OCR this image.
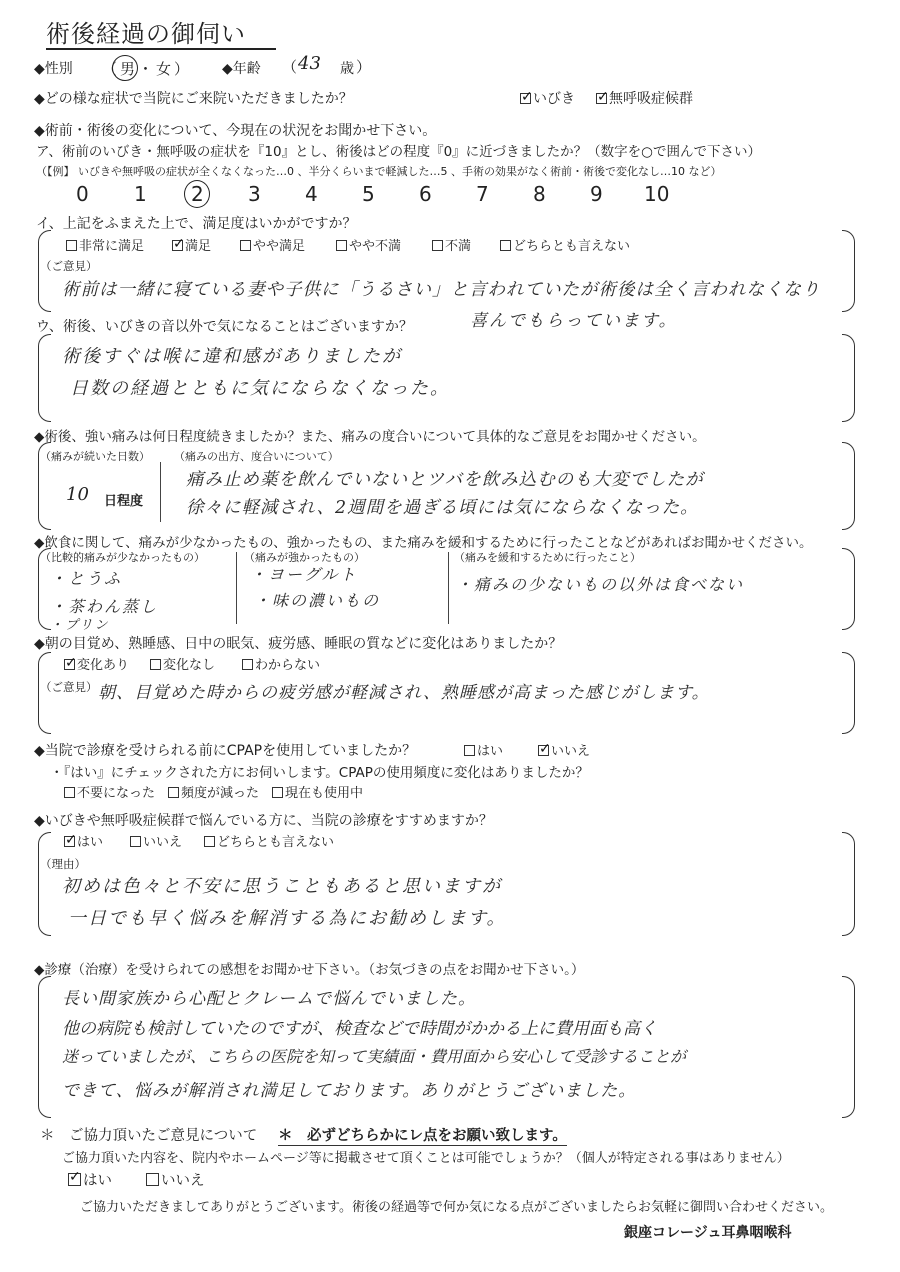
術後経過の御伺い
◆性別 （男・女） ◆年齢 （ 43 歳 ）
◆どの様な症状で当院にご来院いただきましたか？ ✓	いびき ✓	無呼吸症候群
◆術前・術後の変化について、今現在の状況をお聞かせ下さい。
ア、術前のいびき・無呼吸の症状を『10』とし、術後はどの程度『0』に近づきましたか？（数字を○で囲んで下さい）
（【例】 いびきや無呼吸の症状が全くなくなった…0 、半分くらいまで軽減した…5 、手術の効果がなく術前・術後で変化なし…10 など）
0 1 2 3 4 5 6 7 8 9 10
イ、上記をふまえた上で、満足度はいかがですか？
非常に満足 ✓	満足	やや満足	やや不満	不満	どちらとも言えない
（ご意見）
術前は一緒に寝ている妻や子供に「うるさい」と言われていたが術後は全く言われなくなり
喜んでもらっています。
ウ、術後、いびきの音以外で気になることはございますか？
術後すぐは喉に違和感がありましたが
日数の経過とともに気にならなくなった。
◆術後、強い痛みは何日程度続きましたか？また、痛みの度合いについて具体的なご意見をお聞かせください。
（痛みが続いた日数）
10 日程度
（痛みの出方、度合いについて）
痛み止め薬を飲んでいないとツバを飲み込むのも大変でしたが
徐々に軽減され、2週間を過ぎる頃には気にならなくなった。
◆飲食に関して、痛みが少なかったもの、強かったもの、また痛みを緩和するために行ったことなどがあればお聞かせください。
（比較的痛みが少なかったもの）
・とうふ
・茶わん蒸し
・プリン
（痛みが強かったもの）
・ヨーグルト
・味の濃いもの
（痛みを緩和するために行ったこと）
・痛みの少ないもの以外は食べない
◆朝の目覚め、熟睡感、日中の眠気、疲労感、睡眠の質などに変化はありましたか？
✓変化あり	変化なし	わからない
（ご意見） 朝、目覚めた時からの疲労感が軽減され、熟睡感が高まった感じがします。
◆当院で診療を受けられる前にCPAPを使用していましたか？	はい ✓	いいえ
・『はい』にチェックされた方にお伺いします。CPAPの使用頻度に変化はありましたか？
不要になった	頻度が減った	現在も使用中
◆いびきや無呼吸症候群で悩んでいる方に、当院の診療をすすめますか？
✓はい	いいえ	どちらとも言えない
（理由）
初めは色々と不安に思うこともあると思いますが
一日でも早く悩みを解消する為にお勧めします。
◆診療（治療）を受けられての感想をお聞かせ下さい。（お気づきの点をお聞かせ下さい。）
長い間家族から心配とクレームで悩んでいました。
他の病院も検討していたのですが、検査などで時間がかかる上に費用面も高く
迷っていましたが、こちらの医院を知って実績面・費用面から安心して受診することが
できて、悩みが解消され満足しております。ありがとうございました。
＊　ご協力頂いたご意見について ＊　必ずどちらかにレ点をお願い致します。
ご協力頂いた内容を、院内やホームページ等に掲載させて頂くことは可能でしょうか？（個人が特定される事はありません）
✓はい	いいえ
ご協力いただきましてありがとうございます。術後の経過等で何か気になる点がございましたらお気軽に御問い合わせください。
銀座コレージュ耳鼻咽喉科
